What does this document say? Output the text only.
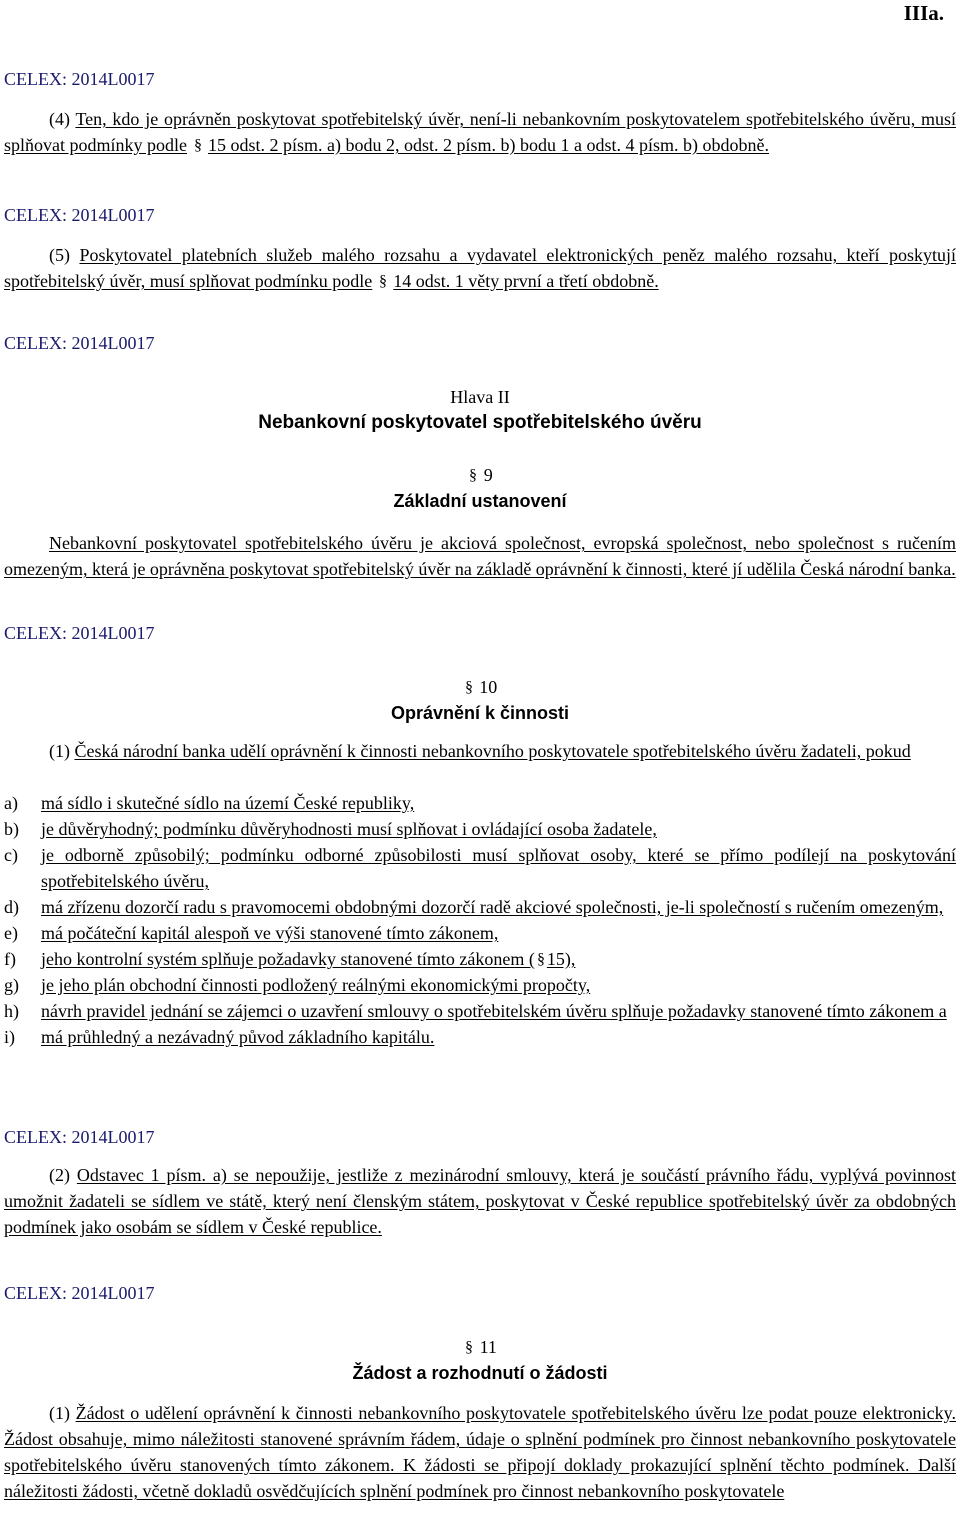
IIIa.
CELEX: 2014L0017
(4) Ten, kdo je oprávněn poskytovat spotřebitelský úvěr, není-li nebankovním poskytovatelem spotřebitelského úvěru, musí splňovat podmínky podle § 15 odst. 2 písm. a) bodu 2, odst. 2 písm. b) bodu 1 a odst. 4 písm. b) obdobně.
CELEX: 2014L0017
(5) Poskytovatel platebních služeb malého rozsahu a vydavatel elektronických peněz malého rozsahu, kteří poskytují spotřebitelský úvěr, musí splňovat podmínku podle § 14 odst. 1 věty první a třetí obdobně.
CELEX: 2014L0017
Hlava II
Nebankovní poskytovatel spotřebitelského úvěru
§ 9
Základní ustanovení
Nebankovní poskytovatel spotřebitelského úvěru je akciová společnost, evropská společnost, nebo společnost s ručením omezeným, která je oprávněna poskytovat spotřebitelský úvěr na základě oprávnění k činnosti, které jí udělila Česká národní banka.
CELEX: 2014L0017
§ 10
Oprávnění k činnosti
(1) Česká národní banka udělí oprávnění k činnosti nebankovního poskytovatele spotřebitelského úvěru žadateli, pokud
a)	má sídlo i skutečné sídlo na území České republiky,
b)	je důvěryhodný; podmínku důvěryhodnosti musí splňovat i ovládající osoba žadatele,
c)	je odborně způsobilý; podmínku odborné způsobilosti musí splňovat osoby, které se přímo podílejí na poskytování spotřebitelského úvěru,
d)	má zřízenu dozorčí radu s pravomocemi obdobnými dozorčí radě akciové společnosti, je-li společností s ručením omezeným,
e)	má počáteční kapitál alespoň ve výši stanovené tímto zákonem,
f)	jeho kontrolní systém splňuje požadavky stanovené tímto zákonem ( § 15),
g)	je jeho plán obchodní činnosti podložený reálnými ekonomickými propočty,
h)	návrh pravidel jednání se zájemci o uzavření smlouvy o spotřebitelském úvěru splňuje požadavky stanovené tímto zákonem a
i)	má průhledný a nezávadný původ základního kapitálu.
CELEX: 2014L0017
(2) Odstavec 1 písm. a) se nepoužije, jestliže z mezinárodní smlouvy, která je součástí právního řádu, vyplývá povinnost umožnit žadateli se sídlem ve státě, který není členským státem, poskytovat v České republice spotřebitelský úvěr za obdobných podmínek jako osobám se sídlem v České republice.
CELEX: 2014L0017
§ 11
Žádost a rozhodnutí o žádosti
(1) Žádost o udělení oprávnění k činnosti nebankovního poskytovatele spotřebitelského úvěru lze podat pouze elektronicky. Žádost obsahuje, mimo náležitosti stanovené správním řádem, údaje o splnění podmínek pro činnost nebankovního poskytovatele spotřebitelského úvěru stanovených tímto zákonem. K žádosti se připojí doklady prokazující splnění těchto podmínek. Další náležitosti žádosti, včetně dokladů osvědčujících splnění podmínek pro činnost nebankovního poskytovatele
